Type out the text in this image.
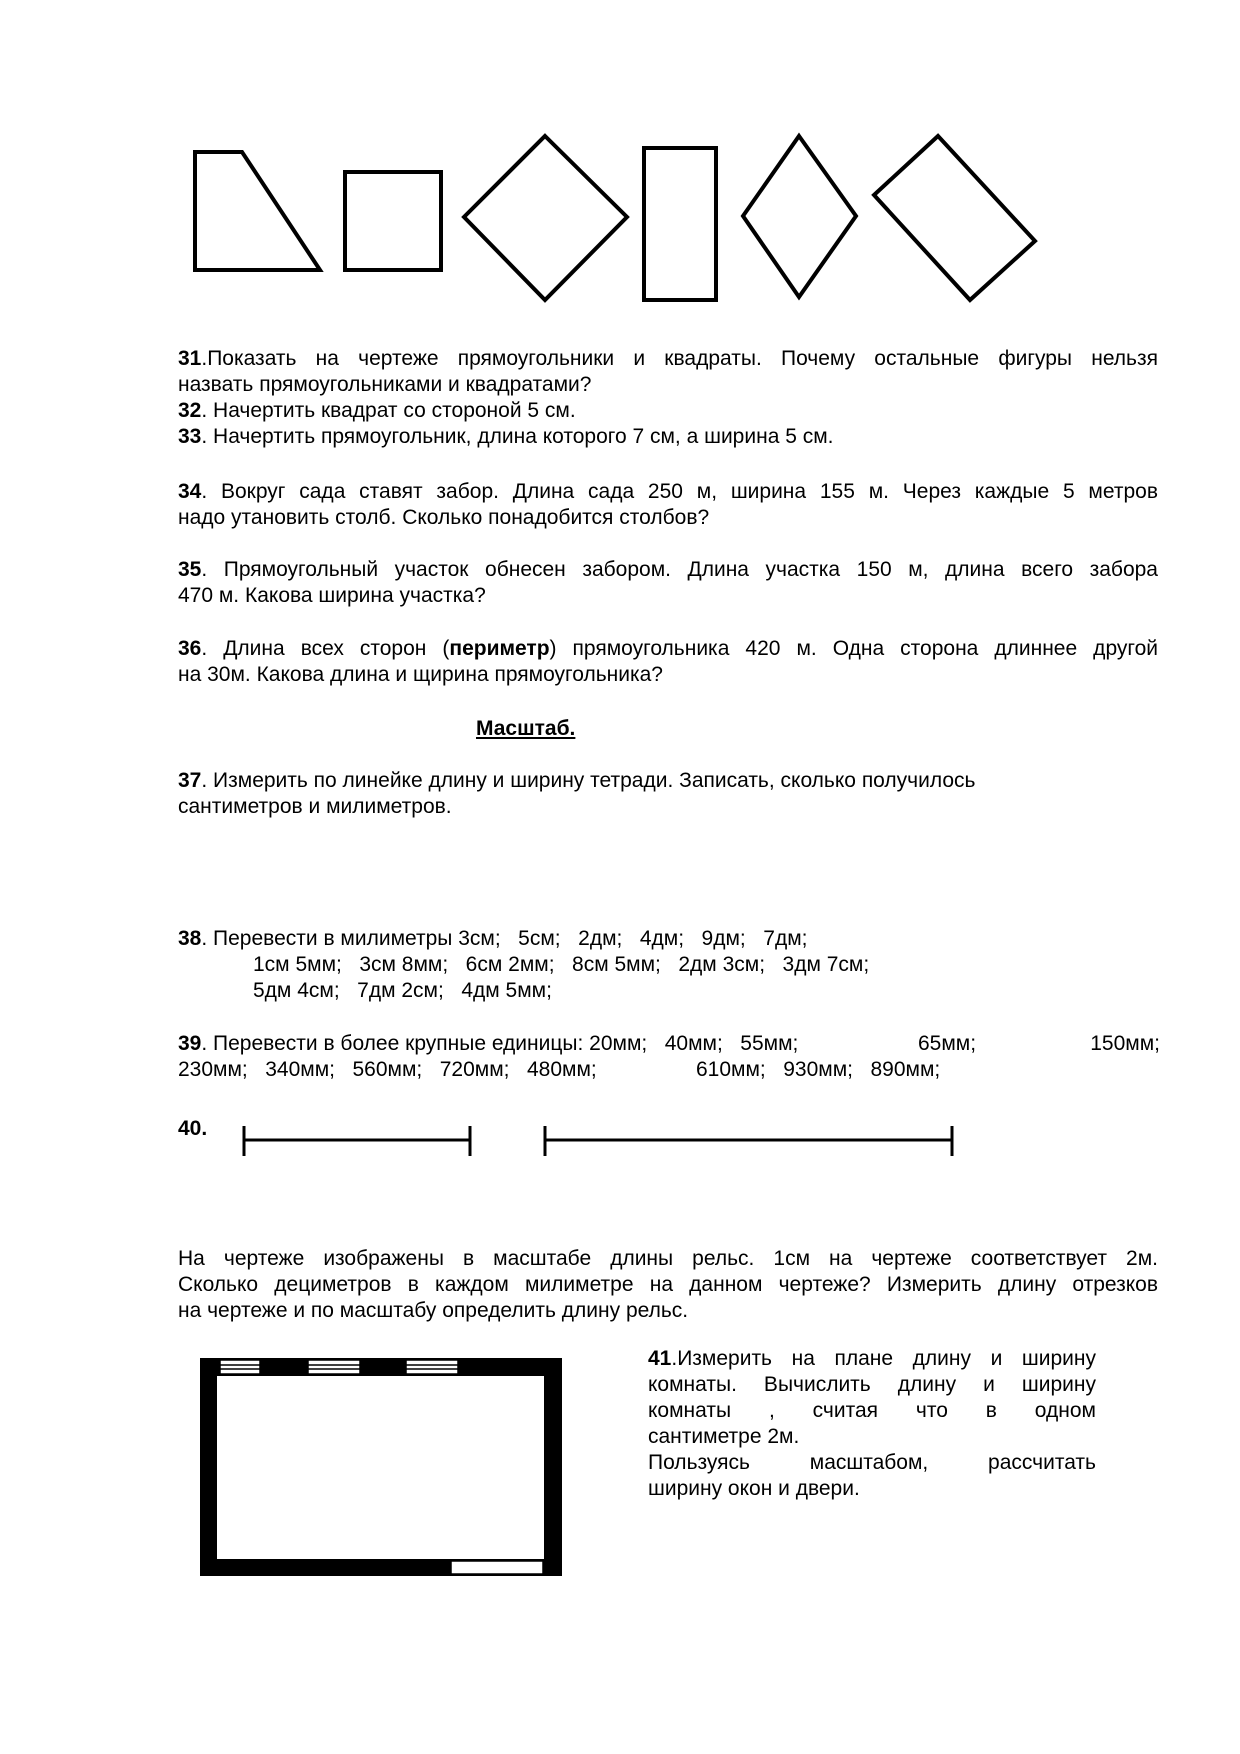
31.Показать на чертеже прямоугольники и квадраты. Почему остальные фигуры нельзя

назвать прямоугольниками и квадратами?

32. Начертить квадрат со стороной 5 см.

33. Начертить прямоугольник, длина которого 7 см, а ширина 5 см.

34. Вокруг сада ставят забор. Длина сада 250 м, ширина 155 м. Через каждые 5 метров

надо утановить столб. Сколько понадобится столбов?

35. Прямоугольный участок обнесен забором. Длина участка 150 м, длина всего забора

470 м. Какова ширина участка?

36. Длина всех сторон (периметр) прямоугольника 420 м. Одна сторона длиннее другой

на 30м. Какова длина и щирина прямоугольника?

Масштаб.

37. Измерить по линейке длину и ширину тетради. Записать, сколько получилось

сантиметров и милиметров.

38. Перевести в милиметры 3см;   5см;   2дм;   4дм;   9дм;   7дм;

1см 5мм;   3см 8мм;   6см 2мм;   8см 5мм;   2дм 3см;   3дм 7см;

5дм 4см;   7дм 2см;   4дм 5мм;

39. Перевести в более крупные единицы: 20мм;   40мм;   55мм;	65мм;	150мм;

230мм;   340мм;   560мм;   720мм;   480мм;	610мм;   930мм;   890мм;

40.

На чертеже изображены в масштабе длины рельс. 1см на чертеже соответствует 2м.

Сколько дециметров в каждом милиметре на данном чертеже? Измерить длину отрезков

на чертеже и по масштабу определить длину рельс.

41.Измерить на плане длину и ширину

комнаты. Вычислить длину и ширину

комнаты , считая что в одном

сантиметре 2м.

Пользуясь масштабом, рассчитать

ширину окон и двери.
